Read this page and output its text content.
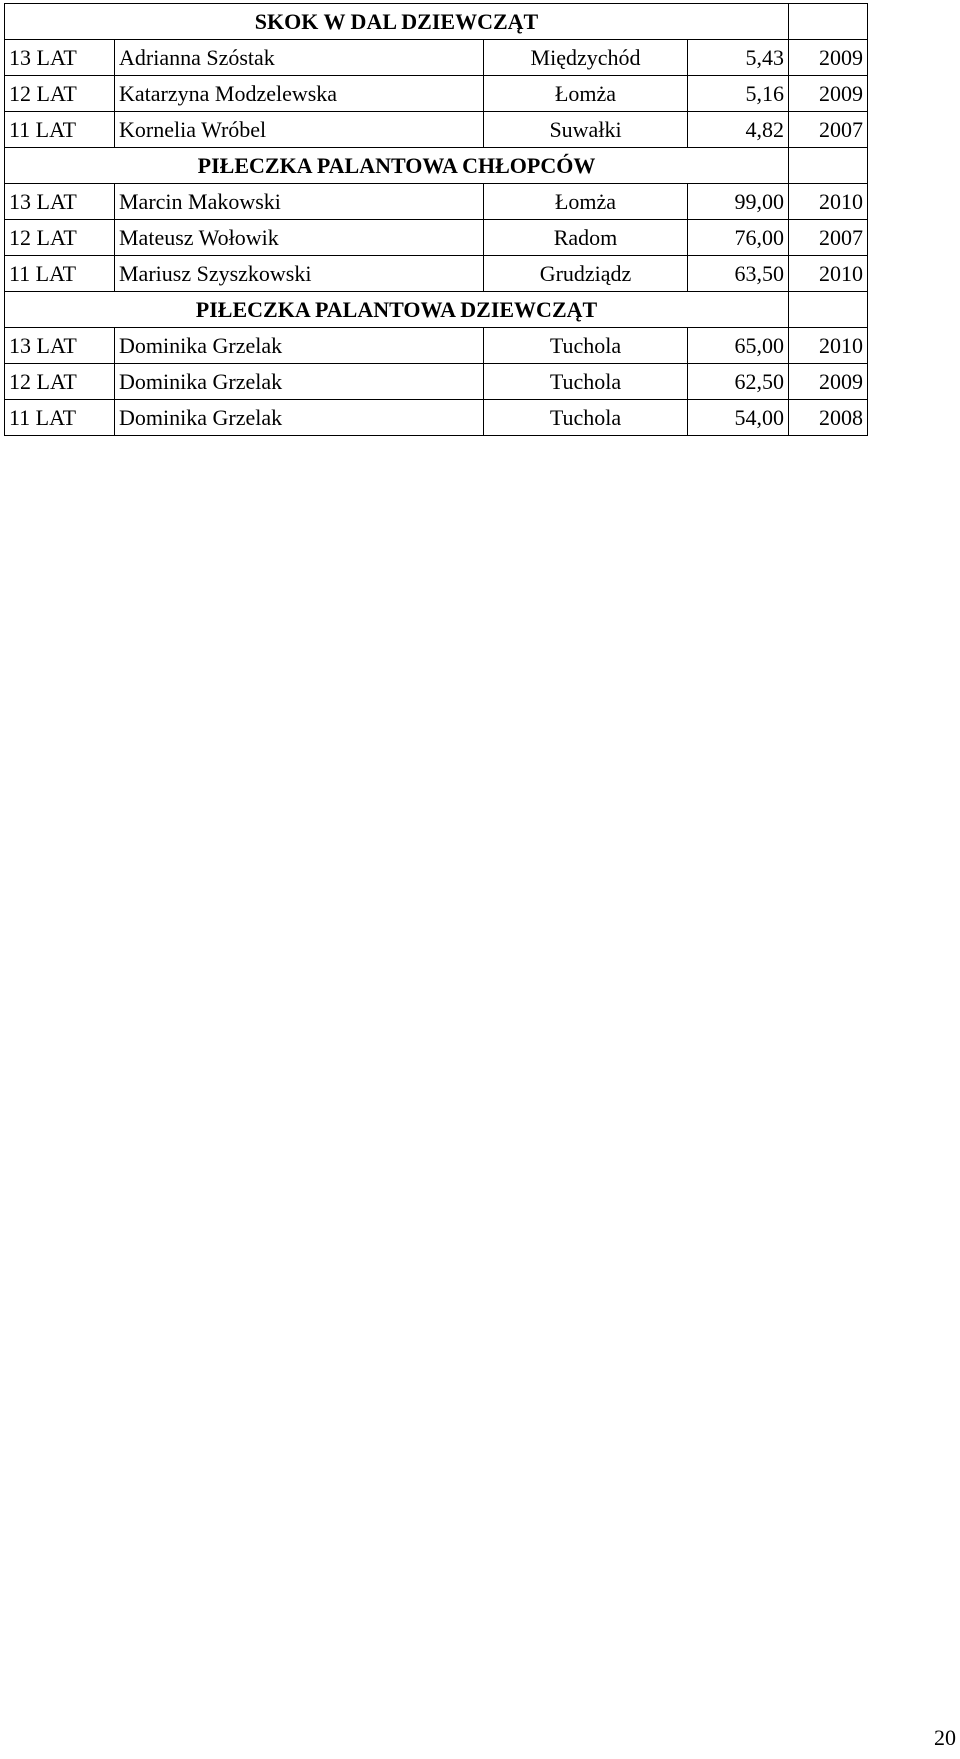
SKOK W DAL DZIEWCZĄT				
13 LAT	Adrianna Szóstak	Międzychód	5,43	2009
12 LAT	Katarzyna Modzelewska	Łomża	5,16	2009
11 LAT	Kornelia Wróbel	Suwałki	4,82	2007
PIŁECZKA PALANTOWA CHŁOPCÓW				
13 LAT	Marcin Makowski	Łomża	99,00	2010
12 LAT	Mateusz Wołowik	Radom	76,00	2007
11 LAT	Mariusz Szyszkowski	Grudziądz	63,50	2010
PIŁECZKA PALANTOWA DZIEWCZĄT				
13 LAT	Dominika Grzelak	Tuchola	65,00	2010
12 LAT	Dominika Grzelak	Tuchola	62,50	2009
11 LAT	Dominika Grzelak	Tuchola	54,00	2008
20
